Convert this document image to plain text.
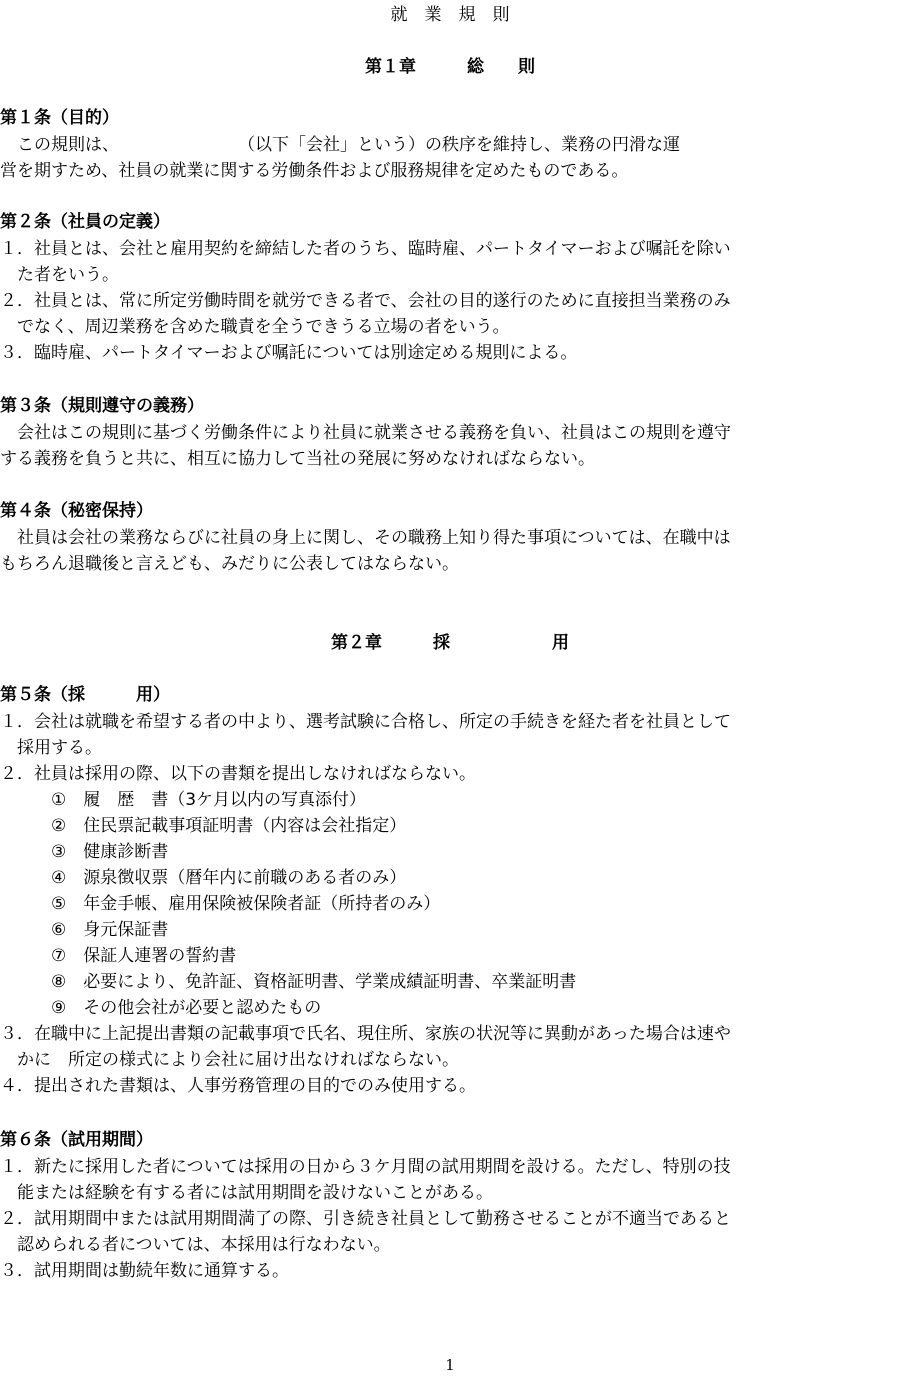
就　業　規　則
第１章　　　総　　則
第１条（目的）
　この規則は、　　　　　　　　（以下「会社」という）の秩序を維持し、業務の円滑な運
営を期すため、社員の就業に関する労働条件および服務規律を定めたものである。
第２条（社員の定義）
１．社員とは、会社と雇用契約を締結した者のうち、臨時雇、パートタイマーおよび嘱託を除い
　た者をいう。
２．社員とは、常に所定労働時間を就労できる者で、会社の目的遂行のために直接担当業務のみ
　でなく、周辺業務を含めた職責を全うできうる立場の者をいう。
３．臨時雇、パートタイマーおよび嘱託については別途定める規則による。
第３条（規則遵守の義務）
　会社はこの規則に基づく労働条件により社員に就業させる義務を負い、社員はこの規則を遵守
する義務を負うと共に、相互に協力して当社の発展に努めなければならない。
第４条（秘密保持）
　社員は会社の業務ならびに社員の身上に関し、その職務上知り得た事項については、在職中は
もちろん退職後と言えども、みだりに公表してはならない。
第２章　　　採　　　　　　用
第５条（採　　　用）
１．会社は就職を希望する者の中より、選考試験に合格し、所定の手続きを経た者を社員として
　採用する。
２．社員は採用の際、以下の書類を提出しなければならない。
　　　①　履　歴　書（3ケ月以内の写真添付）
　　　②　住民票記載事項証明書（内容は会社指定）
　　　③　健康診断書
　　　④　源泉徴収票（暦年内に前職のある者のみ）
　　　⑤　年金手帳、雇用保険被保険者証（所持者のみ）
　　　⑥　身元保証書
　　　⑦　保証人連署の誓約書
　　　⑧　必要により、免許証、資格証明書、学業成績証明書、卒業証明書
　　　⑨　その他会社が必要と認めたもの
３．在職中に上記提出書類の記載事項で氏名、現住所、家族の状況等に異動があった場合は速や
　かに　所定の様式により会社に届け出なければならない。
４．提出された書類は、人事労務管理の目的でのみ使用する。
第６条（試用期間）
１．新たに採用した者については採用の日から３ケ月間の試用期間を設ける。ただし、特別の技
　能または経験を有する者には試用期間を設けないことがある。
２．試用期間中または試用期間満了の際、引き続き社員として勤務させることが不適当であると
　認められる者については、本採用は行なわない。
３．試用期間は勤続年数に通算する。
1
